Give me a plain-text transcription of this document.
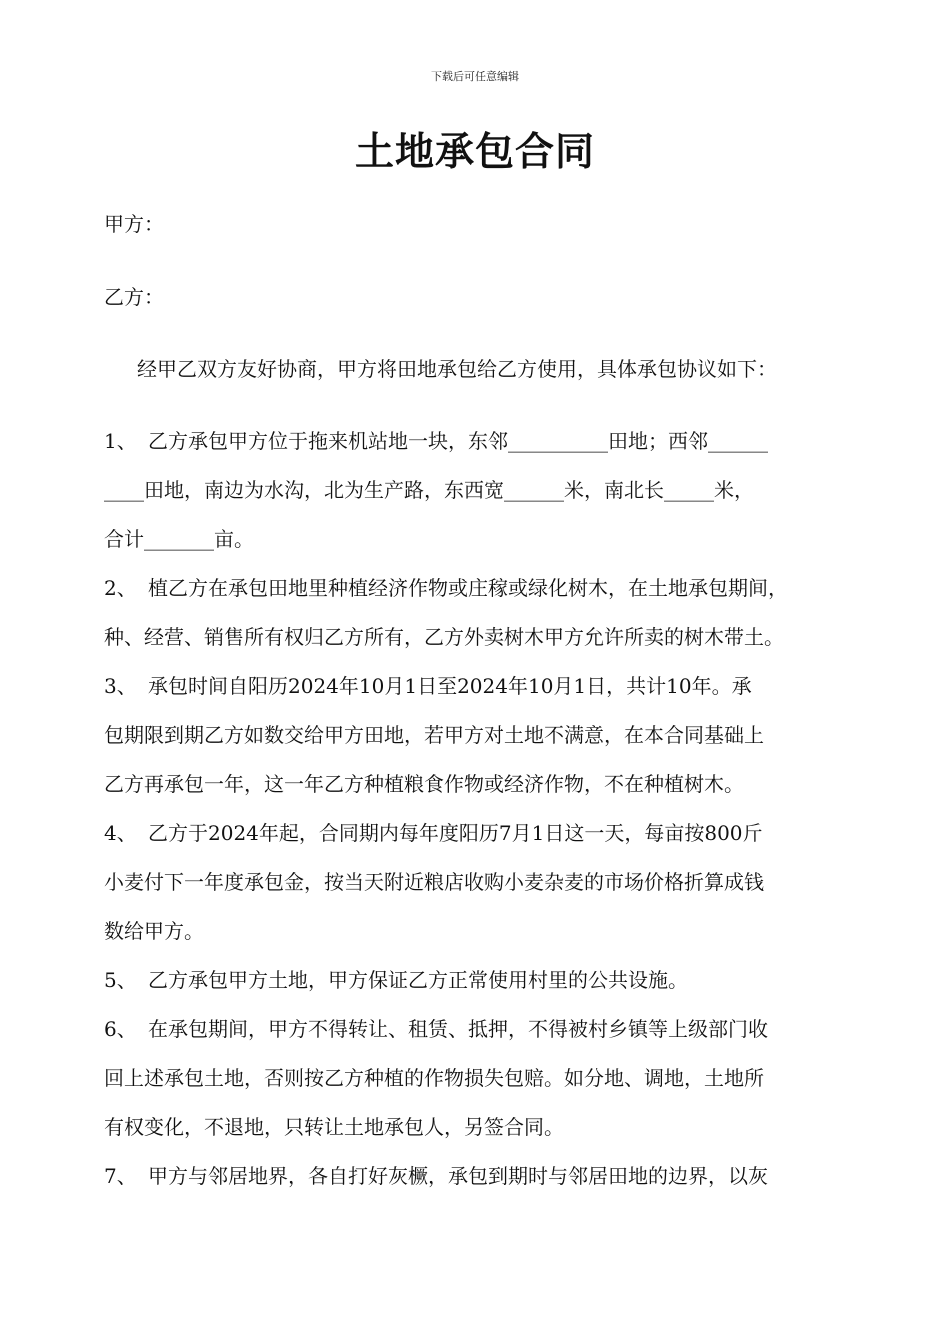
下载后可任意编辑
土地承包合同
甲方：
乙方：
经甲乙双方友好协商，甲方将田地承包给乙方使用，具体承包协议如下：
1、 乙方承包甲方位于拖来机站地一块，东邻__________田地；西邻______
____田地，南边为水沟，北为生产路，东西宽______米，南北长_____米，
合计_______亩。
2、 植乙方在承包田地里种植经济作物或庄稼或绿化树木，在土地承包期间，
种、经营、销售所有权归乙方所有，乙方外卖树木甲方允许所卖的树木带土。
3、 承包时间自阳历2024年10月1日至2024年10月1日，共计10年。承
包期限到期乙方如数交给甲方田地，若甲方对土地不满意，在本合同基础上
乙方再承包一年，这一年乙方种植粮食作物或经济作物，不在种植树木。
4、 乙方于2024年起，合同期内每年度阳历7月1日这一天，每亩按800斤
小麦付下一年度承包金，按当天附近粮店收购小麦杂麦的市场价格折算成钱
数给甲方。
5、 乙方承包甲方土地，甲方保证乙方正常使用村里的公共设施。
6、 在承包期间，甲方不得转让、租赁、抵押，不得被村乡镇等上级部门收
回上述承包土地，否则按乙方种植的作物损失包赔。如分地、调地，土地所
有权变化，不退地，只转让土地承包人，另签合同。
7、 甲方与邻居地界，各自打好灰橛，承包到期时与邻居田地的边界，以灰
